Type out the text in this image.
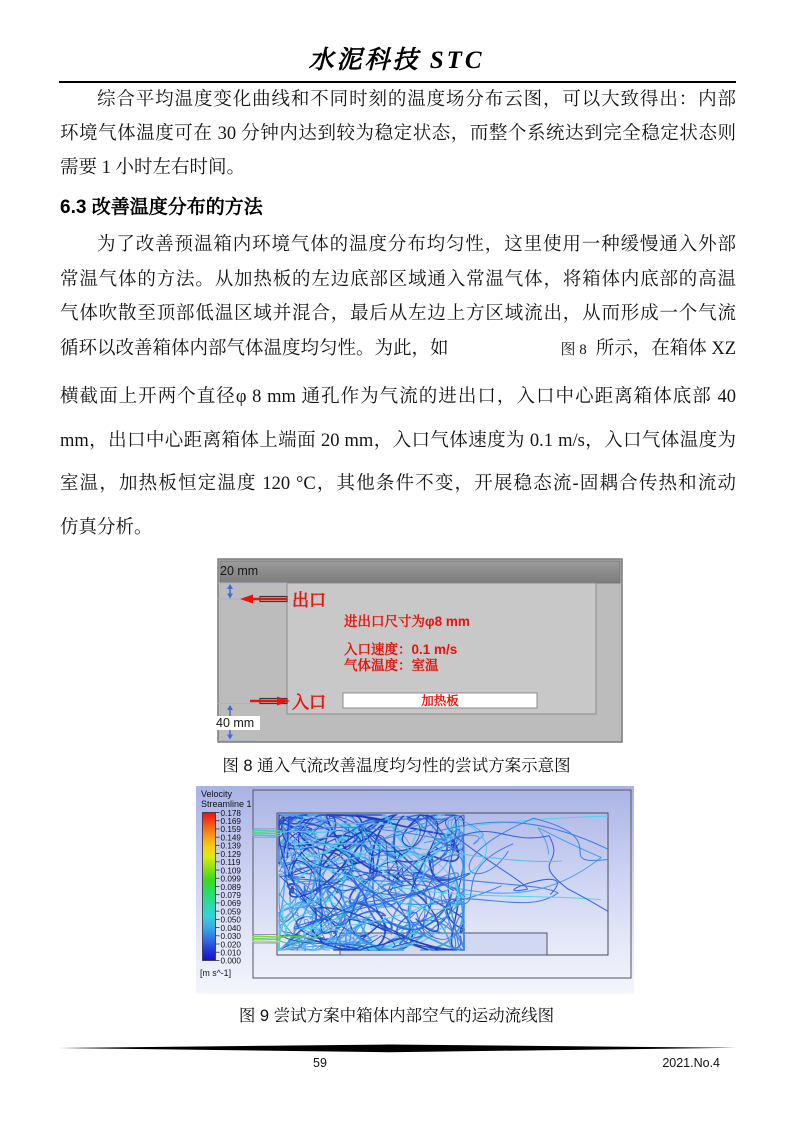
水泥科技 STC
综合平均温度变化曲线和不同时刻的温度场分布云图，可以大致得出：内部
环境气体温度可在 30 分钟内达到较为稳定状态，而整个系统达到完全稳定状态则
需要 1 小时左右时间。
6.3 改善温度分布的方法
为了改善预温箱内环境气体的温度分布均匀性，这里使用一种缓慢通入外部
常温气体的方法。从加热板的左边底部区域通入常温气体，将箱体内底部的高温
气体吹散至顶部低温区域并混合，最后从左边上方区域流出，从而形成一个气流
循环以改善箱体内部气体温度均匀性。为此，如	图 8 所示，在箱体 XZ
横截面上开两个直径φ 8 mm 通孔作为气流的进出口，入口中心距离箱体底部 40
mm，出口中心距离箱体上端面 20 mm，入口气体速度为 0.1 m/s，入口气体温度为
室温，加热板恒定温度 120 °C，其他条件不变，开展稳态流-固耦合传热和流动
仿真分析。
20 mm
出口
进出口尺寸为φ8 mm
入口速度：0.1 m/s
气体温度：室温
加热板
入口
40 mm
图 8 通入气流改善温度均匀性的尝试方案示意图
Velocity
Streamline 1
0.178
0.169
0.159
0.149
0.139
0.129
0.119
0.109
0.099
0.089
0.079
0.069
0.059
0.050
0.040
0.030
0.020
0.010
0.000
[m s^-1]
图 9 尝试方案中箱体内部空气的运动流线图
59	2021.No.4
